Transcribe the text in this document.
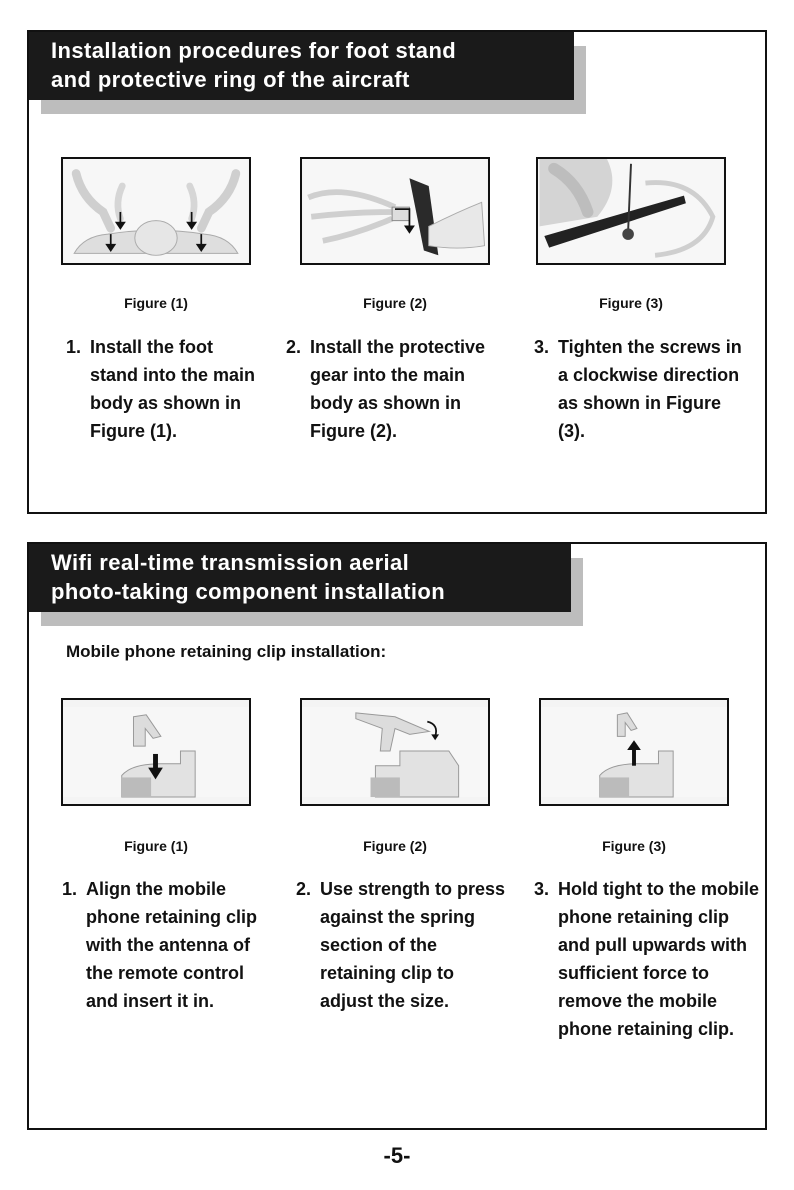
Installation procedures for foot stand
and protective ring of the aircraft
Figure (1)	Figure (2)	Figure (3)
1. Install the foot stand into the main body as shown in Figure (1).
2. Install the protective gear into the main body as shown in Figure (2).
3. Tighten the screws in a clockwise direction as shown in Figure (3).
Wifi real-time transmission aerial
photo-taking component installation
Mobile phone retaining clip installation:
Figure (1)	Figure (2)	Figure (3)
1. Align the mobile phone retaining clip with the antenna of the remote control and insert it in.
2. Use strength to press against the spring section of the retaining clip to adjust the size.
3. Hold tight to the mobile phone retaining clip and pull upwards with sufficient force to remove the mobile phone retaining clip.
-5-
